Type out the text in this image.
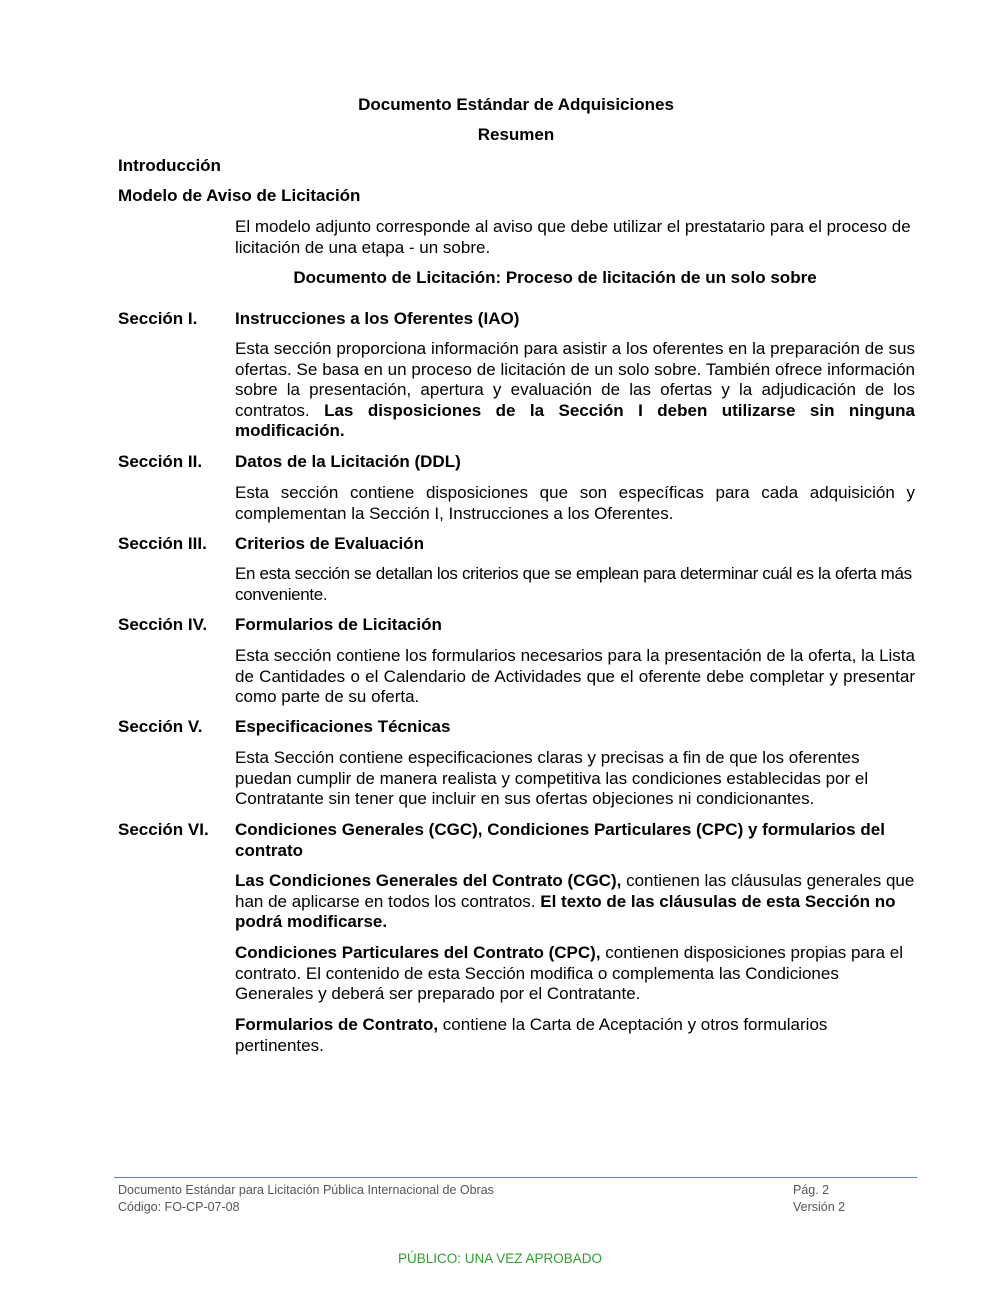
Documento Estándar de Adquisiciones
Resumen
Introducción
Modelo de Aviso de Licitación
El modelo adjunto corresponde al aviso que debe utilizar el prestatario para el proceso de licitación de una etapa - un sobre.
Documento de Licitación: Proceso de licitación de un solo sobre
Sección I. Instrucciones a los Oferentes (IAO)
Esta sección proporciona información para asistir a los oferentes en la preparación de sus ofertas. Se basa en un proceso de licitación de un solo sobre. También ofrece información sobre la presentación, apertura y evaluación de las ofertas y la adjudicación de los contratos. Las disposiciones de la Sección I deben utilizarse sin ninguna modificación.
Sección II. Datos de la Licitación (DDL)
Esta sección contiene disposiciones que son específicas para cada adquisición y complementan la Sección I, Instrucciones a los Oferentes.
Sección III. Criterios de Evaluación
En esta sección se detallan los criterios que se emplean para determinar cuál es la oferta más conveniente.
Sección IV. Formularios de Licitación
Esta sección contiene los formularios necesarios para la presentación de la oferta, la Lista de Cantidades o el Calendario de Actividades que el oferente debe completar y presentar como parte de su oferta.
Sección V. Especificaciones Técnicas
Esta Sección contiene especificaciones claras y precisas a fin de que los oferentes puedan cumplir de manera realista y competitiva las condiciones establecidas por el Contratante sin tener que incluir en sus ofertas objeciones ni condicionantes.
Sección VI. Condiciones Generales (CGC), Condiciones Particulares (CPC) y formularios del contrato
Las Condiciones Generales del Contrato (CGC), contienen las cláusulas generales que han de aplicarse en todos los contratos. El texto de las cláusulas de esta Sección no podrá modificarse.
Condiciones Particulares del Contrato (CPC), contienen disposiciones propias para el contrato. El contenido de esta Sección modifica o complementa las Condiciones Generales y deberá ser preparado por el Contratante.
Formularios de Contrato, contiene la Carta de Aceptación y otros formularios pertinentes.
Documento Estándar para Licitación Pública Internacional de Obras
Código: FO-CP-07-08
Pág. 2
Versión 2
PÚBLICO: UNA VEZ APROBADO
